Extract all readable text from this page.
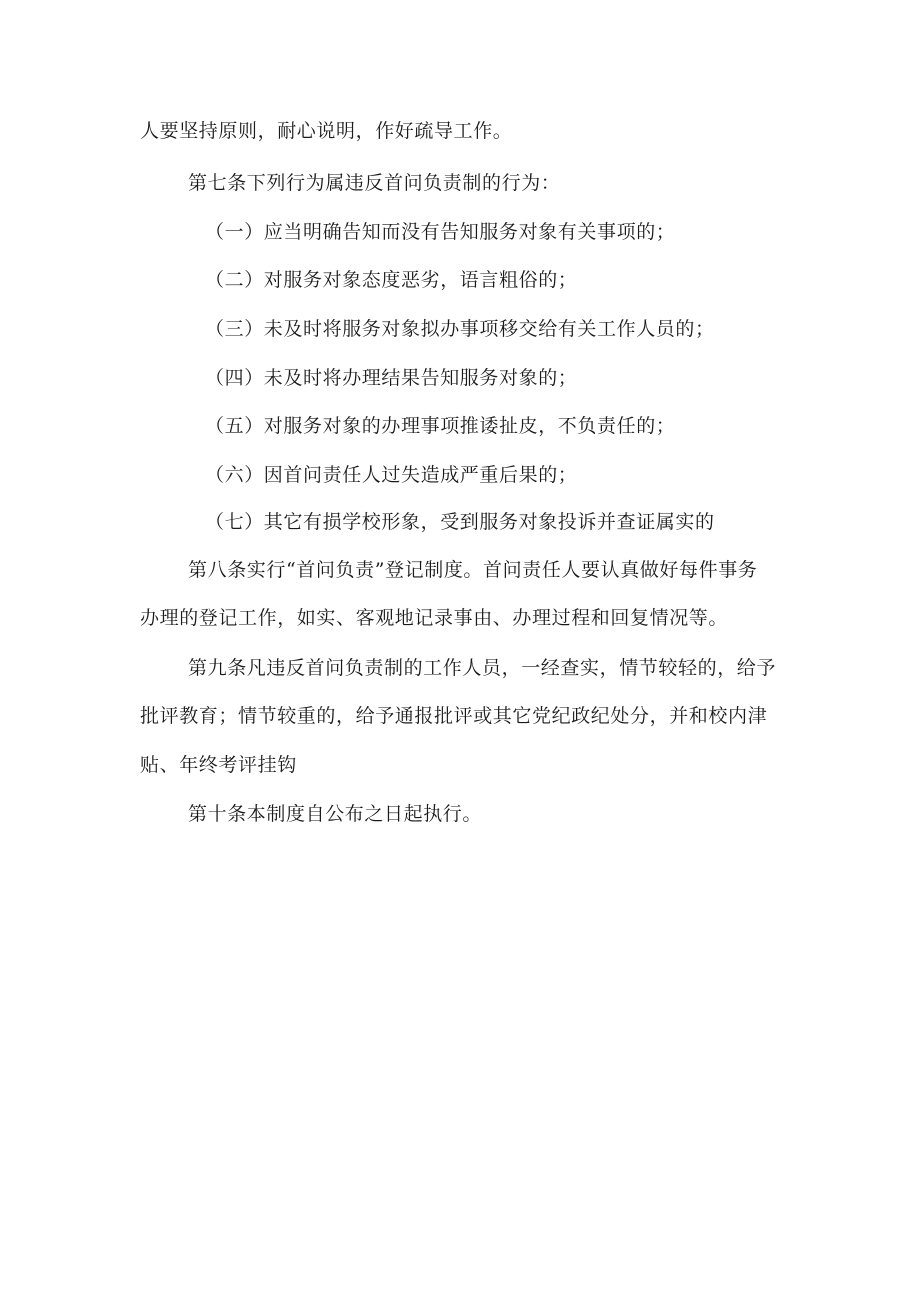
人要坚持原则，耐心说明，作好疏导工作。
第七条下列行为属违反首问负责制的行为：
（一）应当明确告知而没有告知服务对象有关事项的；
（二）对服务对象态度恶劣，语言粗俗的；
（三）未及时将服务对象拟办事项移交给有关工作人员的；
（四）未及时将办理结果告知服务对象的；
（五）对服务对象的办理事项推诿扯皮，不负责任的；
（六）因首问责任人过失造成严重后果的；
（七）其它有损学校形象，受到服务对象投诉并查证属实的
第八条实行“首问负责”登记制度。首问责任人要认真做好每件事务
办理的登记工作，如实、客观地记录事由、办理过程和回复情况等。
第九条凡违反首问负责制的工作人员，一经查实，情节较轻的，给予
批评教育；情节较重的，给予通报批评或其它党纪政纪处分，并和校内津
贴、年终考评挂钩
第十条本制度自公布之日起执行。
